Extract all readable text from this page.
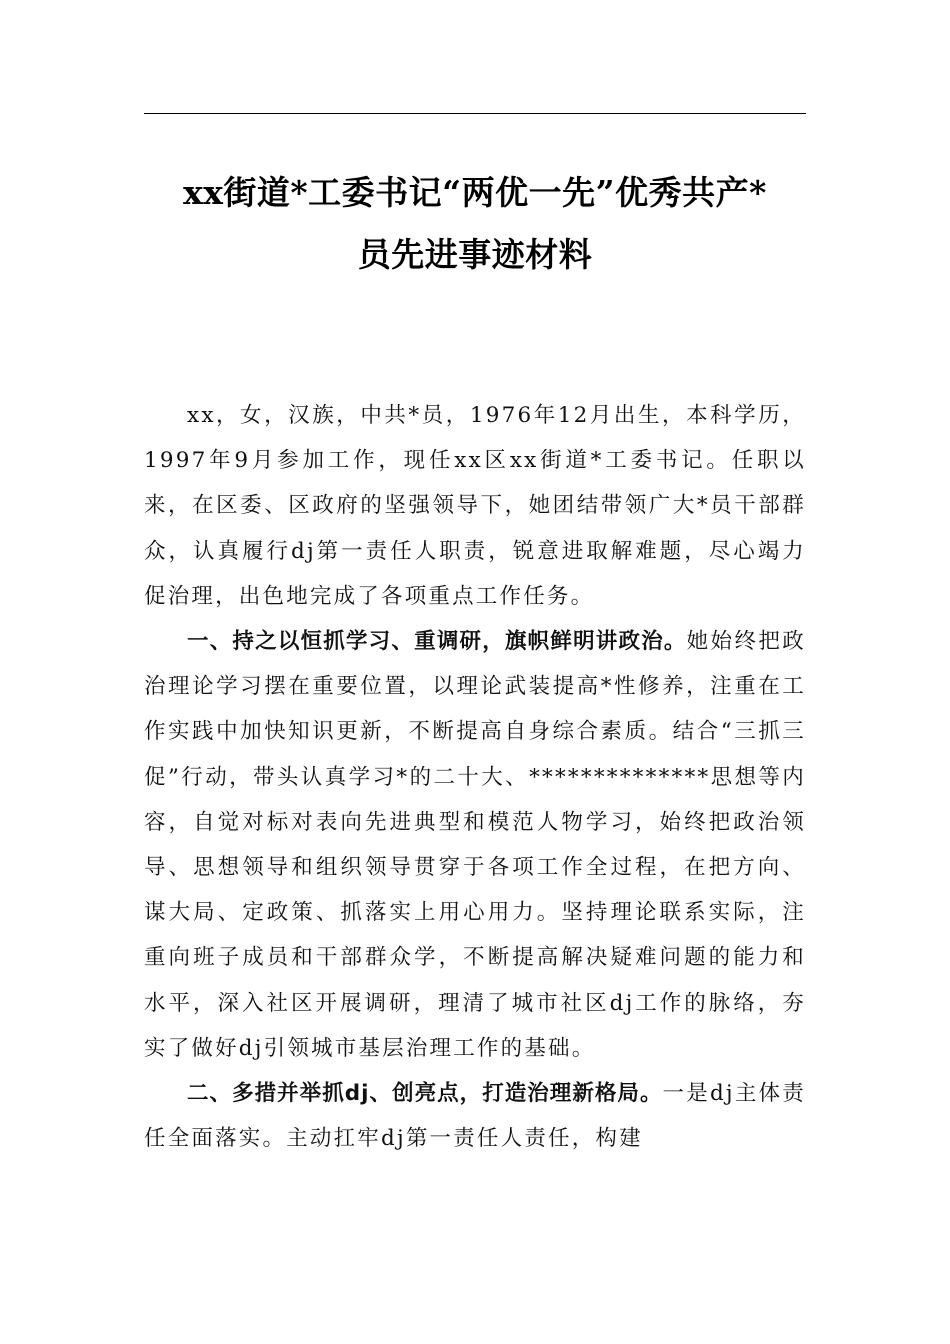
xx街道*工委书记“两优一先”优秀共产*
员先进事迹材料

xx，女，汉族，中共*员，1976年12月出生，本科学历，1997年9月参加工作，现任xx区xx街道*工委书记。任职以来，在区委、区政府的坚强领导下，她团结带领广大*员干部群众，认真履行dj第一责任人职责，锐意进取解难题，尽心竭力促治理，出色地完成了各项重点工作任务。

一、持之以恒抓学习、重调研，旗帜鲜明讲政治。她始终把政治理论学习摆在重要位置，以理论武装提高*性修养，注重在工作实践中加快知识更新，不断提高自身综合素质。结合“三抓三促”行动，带头认真学习*的二十大、**************思想等内容，自觉对标对表向先进典型和模范人物学习，始终把政治领导、思想领导和组织领导贯穿于各项工作全过程，在把方向、谋大局、定政策、抓落实上用心用力。坚持理论联系实际，注重向班子成员和干部群众学，不断提高解决疑难问题的能力和水平，深入社区开展调研，理清了城市社区dj工作的脉络，夯实了做好dj引领城市基层治理工作的基础。

二、多措并举抓dj、创亮点，打造治理新格局。一是dj主体责任全面落实。主动扛牢dj第一责任人责任，构建
